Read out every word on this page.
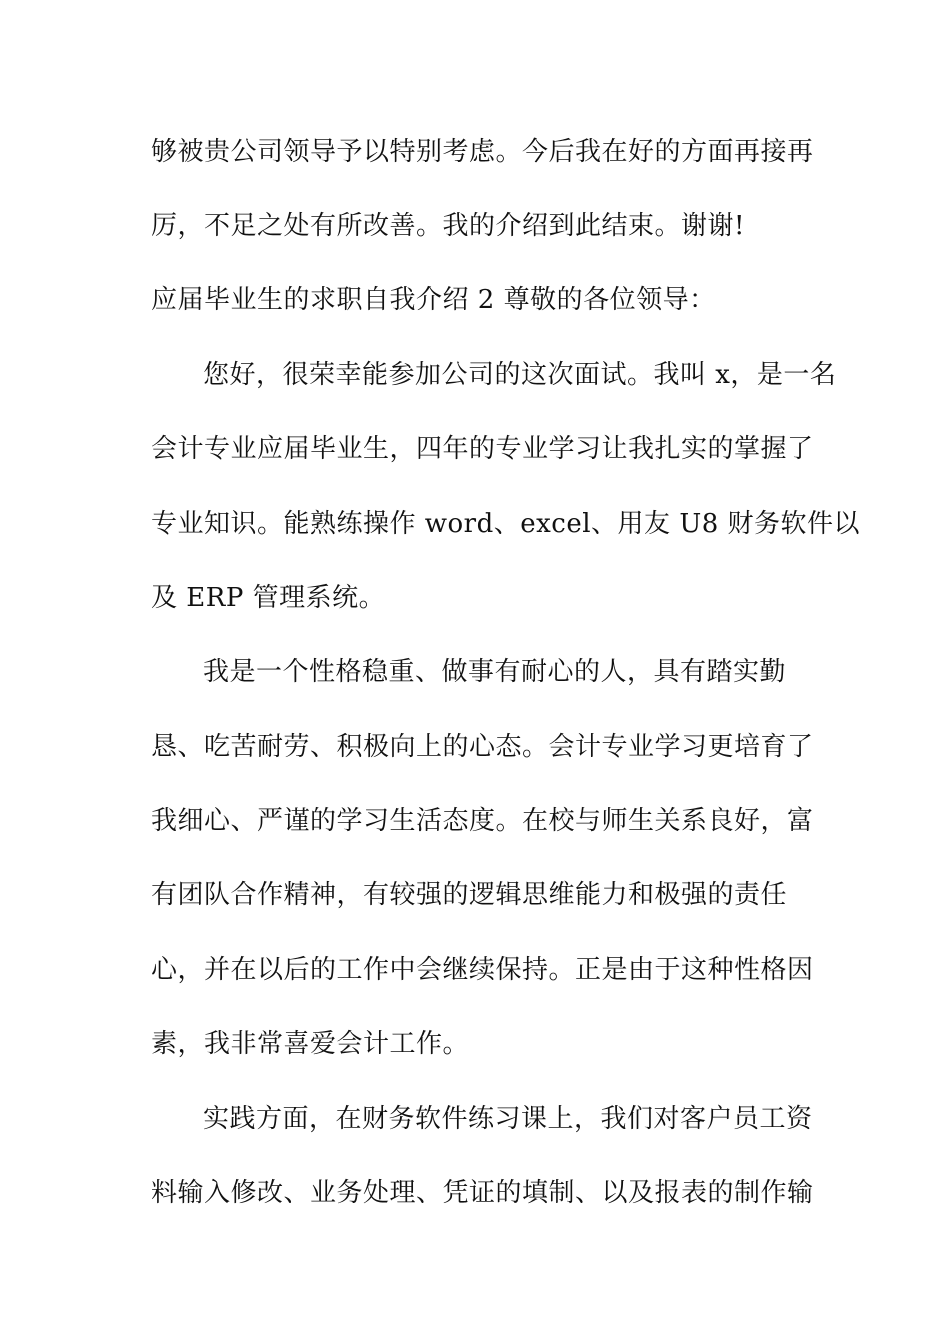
够被贵公司领导予以特别考虑。今后我在好的方面再接再
厉，不足之处有所改善。我的介绍到此结束。谢谢!
应届毕业生的求职自我介绍 2 尊敬的各位领导：
您好，很荣幸能参加公司的这次面试。我叫 x，是一名
会计专业应届毕业生，四年的专业学习让我扎实的掌握了
专业知识。能熟练操作 word、excel、用友 U8 财务软件以
及 ERP 管理系统。
我是一个性格稳重、做事有耐心的人，具有踏实勤
恳、吃苦耐劳、积极向上的心态。会计专业学习更培育了
我细心、严谨的学习生活态度。在校与师生关系良好，富
有团队合作精神，有较强的逻辑思维能力和极强的责任
心，并在以后的工作中会继续保持。正是由于这种性格因
素，我非常喜爱会计工作。
实践方面，在财务软件练习课上，我们对客户员工资
料输入修改、业务处理、凭证的填制、以及报表的制作输
